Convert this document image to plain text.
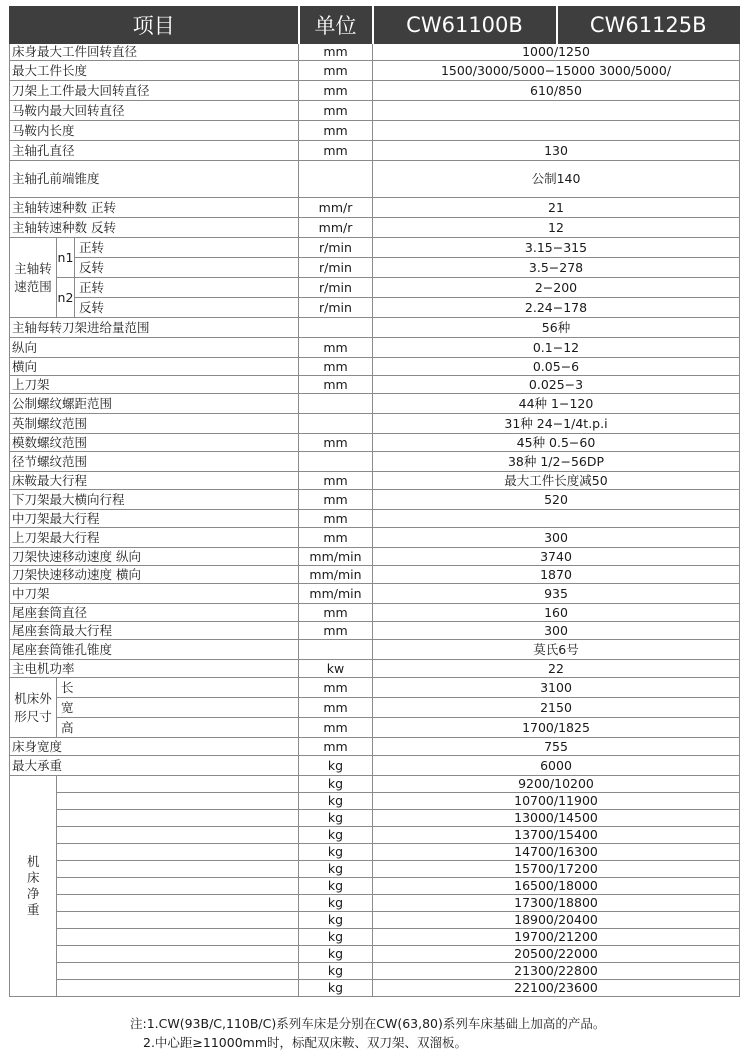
项目			单位	CW61100B	CW61125B
床身最大工件回转直径			mm	1000/1250	
最大工件长度			mm	1500/3000/5000−15000 3000/5000/	
刀架上工件最大回转直径			mm	610/850	
马鞍内最大回转直径			mm		
马鞍内长度			mm		
主轴孔直径			mm	130	
主轴孔前端锥度				公制140	
主轴转速种数 正转			mm/r	21	
主轴转速种数 反转			mm/r	12	
主轴转速范围	n1	正转	r/min	3.15−315	
		反转	r/min	3.5−278	
	n2	正转	r/min	2−200	
		反转	r/min	2.24−178	
主轴每转刀架进给量范围				56种	
纵向			mm	0.1−12	
横向			mm	0.05−6	
上刀架			mm	0.025−3	
公制螺纹螺距范围				44种 1−120	
英制螺纹范围				31种 24−1/4t.p.i	
模数螺纹范围			mm	45种 0.5−60	
径节螺纹范围				38种 1/2−56DP	
床鞍最大行程			mm	最大工件长度减50	
下刀架最大横向行程			mm	520	
中刀架最大行程			mm		
上刀架最大行程			mm	300	
刀架快速移动速度 纵向			mm/min	3740	
刀架快速移动速度 横向			mm/min	1870	
中刀架			mm/min	935	
尾座套筒直径			mm	160	
尾座套筒最大行程			mm	300	
尾座套筒锥孔锥度				莫氏6号	
主电机功率			kw	22	
机床外形尺寸	长		mm	3100	
	宽		mm	2150	
	高		mm	1700/1825	
床身宽度			mm	755	
最大承重			kg	6000	

机床净重			kg	9200/10200	
			kg	10700/11900	
			kg	13000/14500	
			kg	13700/15400	
			kg	14700/16300	
			kg	15700/17200	
			kg	16500/18000	
			kg	17300/18800	
			kg	18900/20400	
			kg	19700/21200	
			kg	20500/22000	
			kg	21300/22800	
			kg	22100/23600	
注:1.CW(93B/C,110B/C)系列车床是分别在CW(63,80)系列车床基础上加高的产品。
2.中心距≥11000mm时，标配双床鞍、双刀架、双溜板。
